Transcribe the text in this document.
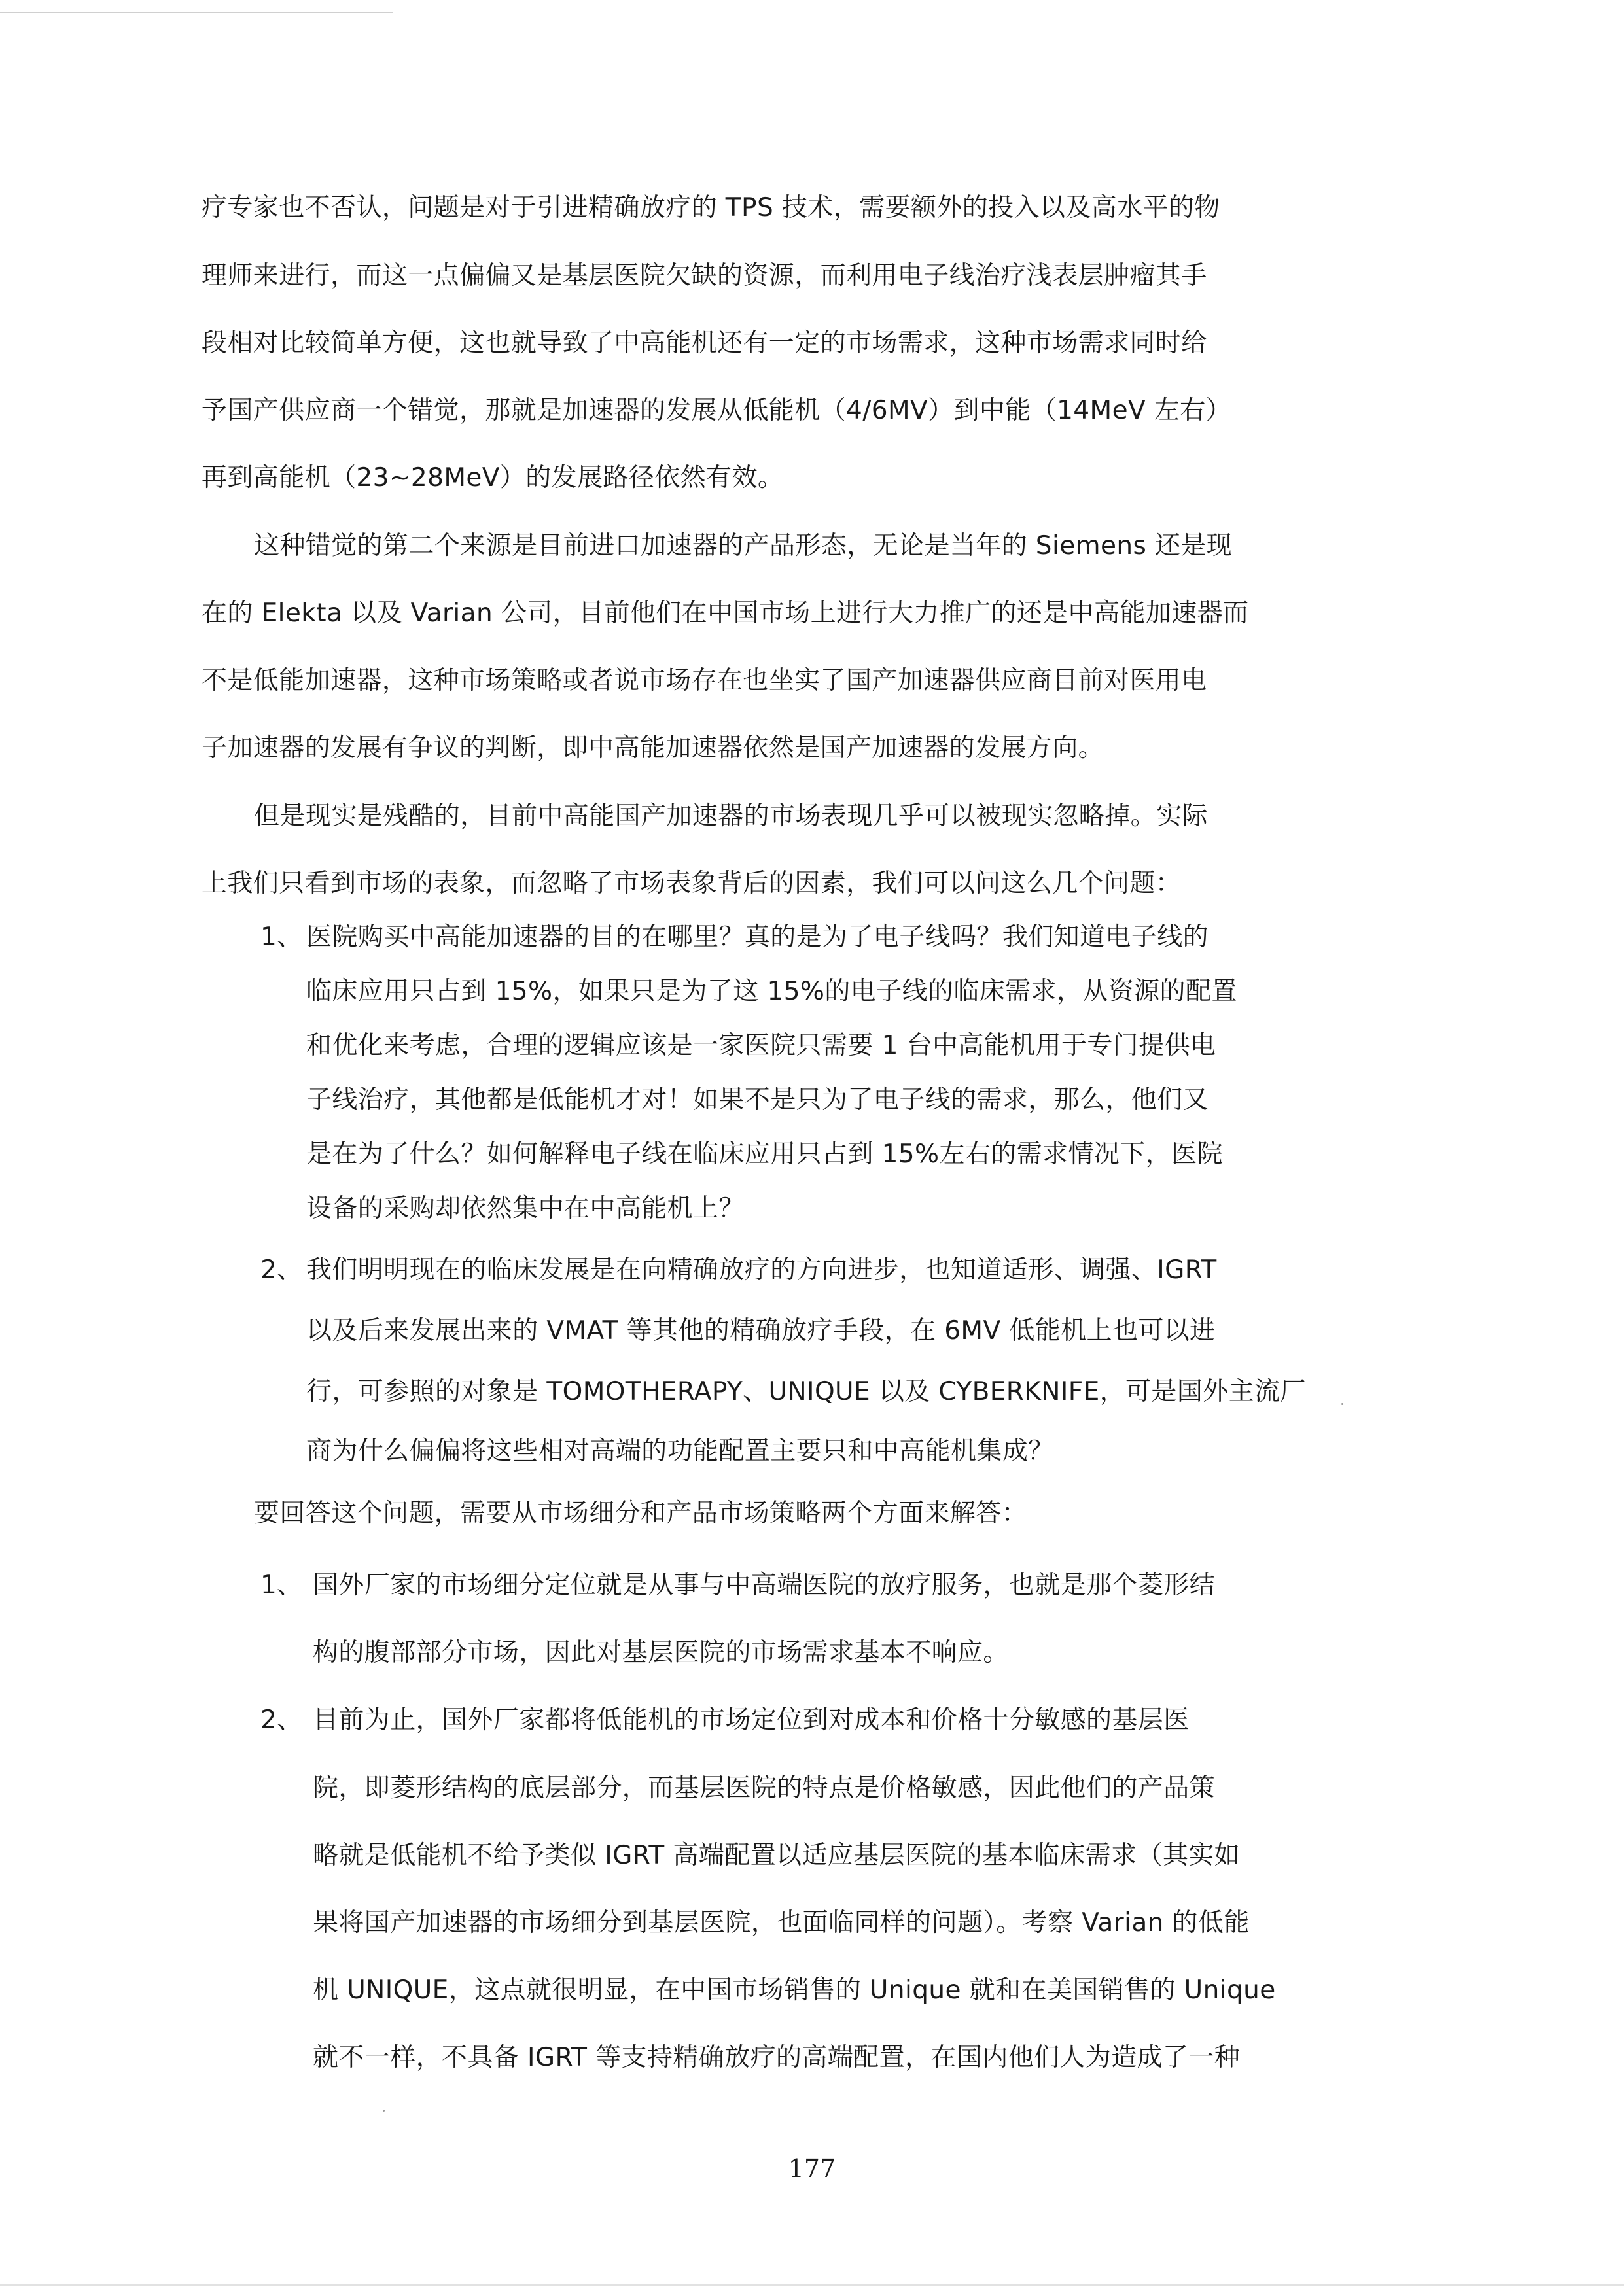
疗专家也不否认，问题是对于引进精确放疗的 TPS 技术，需要额外的投入以及高水平的物
理师来进行，而这一点偏偏又是基层医院欠缺的资源，而利用电子线治疗浅表层肿瘤其手
段相对比较简单方便，这也就导致了中高能机还有一定的市场需求，这种市场需求同时给
予国产供应商一个错觉，那就是加速器的发展从低能机（4/6MV）到中能（14MeV 左右）
再到高能机（23~28MeV）的发展路径依然有效。
这种错觉的第二个来源是目前进口加速器的产品形态，无论是当年的 Siemens 还是现
在的 Elekta 以及 Varian 公司，目前他们在中国市场上进行大力推广的还是中高能加速器而
不是低能加速器，这种市场策略或者说市场存在也坐实了国产加速器供应商目前对医用电
子加速器的发展有争议的判断，即中高能加速器依然是国产加速器的发展方向。
但是现实是残酷的，目前中高能国产加速器的市场表现几乎可以被现实忽略掉。实际
上我们只看到市场的表象，而忽略了市场表象背后的因素，我们可以问这么几个问题：
1、 医院购买中高能加速器的目的在哪里？真的是为了电子线吗？我们知道电子线的
临床应用只占到 15%，如果只是为了这 15%的电子线的临床需求，从资源的配置
和优化来考虑，合理的逻辑应该是一家医院只需要 1 台中高能机用于专门提供电
子线治疗，其他都是低能机才对！如果不是只为了电子线的需求，那么，他们又
是在为了什么？如何解释电子线在临床应用只占到 15%左右的需求情况下，医院
设备的采购却依然集中在中高能机上？
2、 我们明明现在的临床发展是在向精确放疗的方向进步，也知道适形、调强、IGRT
以及后来发展出来的 VMAT 等其他的精确放疗手段，在 6MV 低能机上也可以进
行，可参照的对象是 TOMOTHERAPY、UNIQUE 以及 CYBERKNIFE，可是国外主流厂
商为什么偏偏将这些相对高端的功能配置主要只和中高能机集成？
要回答这个问题，需要从市场细分和产品市场策略两个方面来解答：
1、 国外厂家的市场细分定位就是从事与中高端医院的放疗服务，也就是那个菱形结
构的腹部部分市场，因此对基层医院的市场需求基本不响应。
2、 目前为止，国外厂家都将低能机的市场定位到对成本和价格十分敏感的基层医
院，即菱形结构的底层部分，而基层医院的特点是价格敏感，因此他们的产品策
略就是低能机不给予类似 IGRT 高端配置以适应基层医院的基本临床需求（其实如
果将国产加速器的市场细分到基层医院，也面临同样的问题）。考察 Varian 的低能
机 UNIQUE，这点就很明显，在中国市场销售的 Unique 就和在美国销售的 Unique
就不一样，不具备 IGRT 等支持精确放疗的高端配置，在国内他们人为造成了一种
177
